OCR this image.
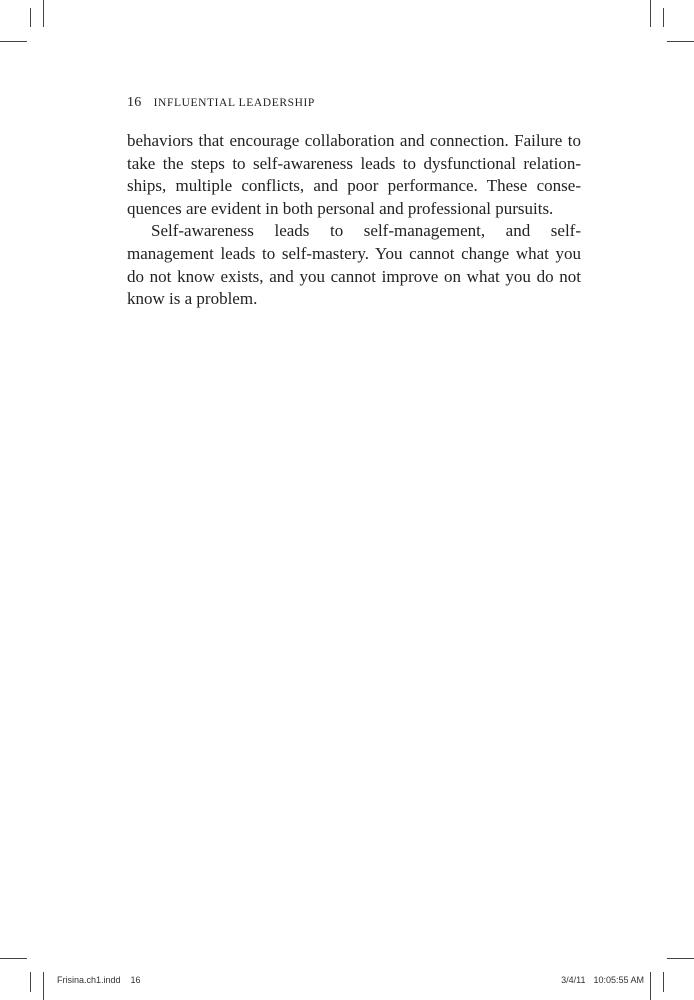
16 INFLUENTIAL LEADERSHIP

behaviors that encourage collaboration and connection. Failure to take the steps to self-awareness leads to dysfunctional relationships, multiple conflicts, and poor performance. These consequences are evident in both personal and professional pursuits.

Self-awareness leads to self-management, and self-management leads to self-mastery. You cannot change what you do not know exists, and you cannot improve on what you do not know is a problem.

Frisina.ch1.indd 16	3/4/11 10:05:55 AM
